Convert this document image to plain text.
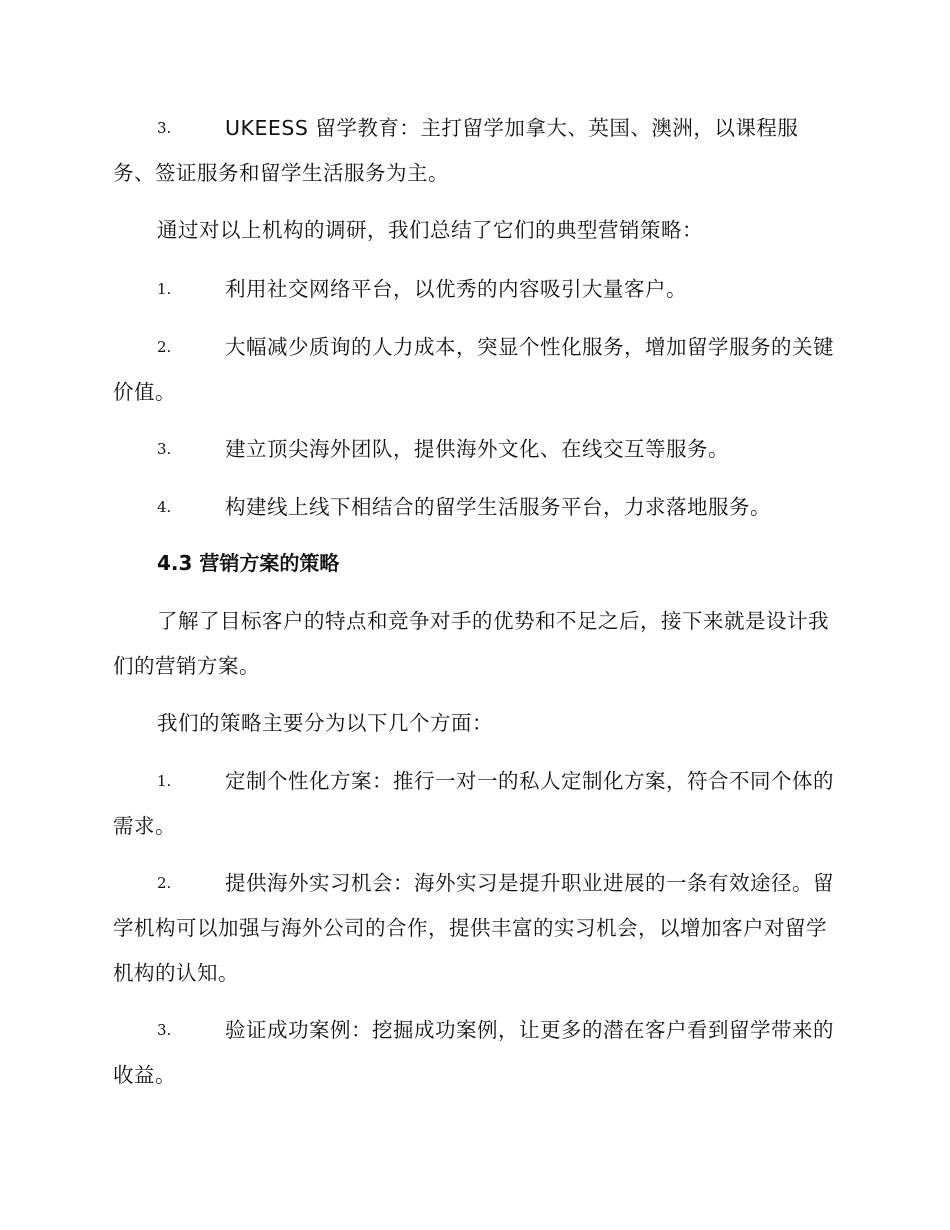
3.	UKEESS 留学教育：主打留学加拿大、英国、澳洲，以课程服务、签证服务和留学生活服务为主。

通过对以上机构的调研，我们总结了它们的典型营销策略：

1.	利用社交网络平台，以优秀的内容吸引大量客户。

2.	大幅减少质询的人力成本，突显个性化服务，增加留学服务的关键价值。

3.	建立顶尖海外团队，提供海外文化、在线交互等服务。

4.	构建线上线下相结合的留学生活服务平台，力求落地服务。

4.3 营销方案的策略

了解了目标客户的特点和竞争对手的优势和不足之后，接下来就是设计我们的营销方案。

我们的策略主要分为以下几个方面：

1.	定制个性化方案：推行一对一的私人定制化方案，符合不同个体的需求。

2.	提供海外实习机会：海外实习是提升职业进展的一条有效途径。留学机构可以加强与海外公司的合作，提供丰富的实习机会，以增加客户对留学机构的认知。

3.	验证成功案例：挖掘成功案例，让更多的潜在客户看到留学带来的收益。
